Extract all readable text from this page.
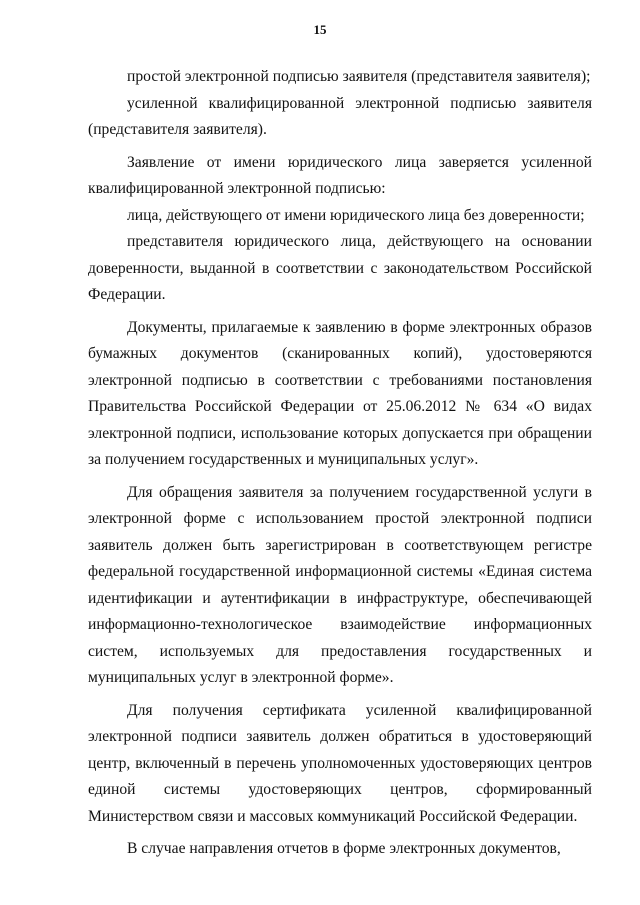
15

простой электронной подписью заявителя (представителя заявителя);

усиленной квалифицированной электронной подписью заявителя (представителя заявителя).

Заявление от имени юридического лица заверяется усиленной квалифицированной электронной подписью:

лица, действующего от имени юридического лица без доверенности;

представителя юридического лица, действующего на основании доверенности, выданной в соответствии с законодательством Российской Федерации.

Документы, прилагаемые к заявлению в форме электронных образов бумажных документов (сканированных копий), удостоверяются электронной подписью в соответствии с требованиями постановления Правительства Российской Федерации от 25.06.2012 № 634 «О видах электронной подписи, использование которых допускается при обращении за получением государственных и муниципальных услуг».

Для обращения заявителя за получением государственной услуги в электронной форме с использованием простой электронной подписи заявитель должен быть зарегистрирован в соответствующем регистре федеральной государственной информационной системы «Единая система идентификации и аутентификации в инфраструктуре, обеспечивающей информационно-технологическое взаимодействие информационных систем, используемых для предоставления государственных и муниципальных услуг в электронной форме».

Для получения сертификата усиленной квалифицированной электронной подписи заявитель должен обратиться в удостоверяющий центр, включенный в перечень уполномоченных удостоверяющих центров единой системы удостоверяющих центров, сформированный Министерством связи и массовых коммуникаций Российской Федерации.

В случае направления отчетов в форме электронных документов,
